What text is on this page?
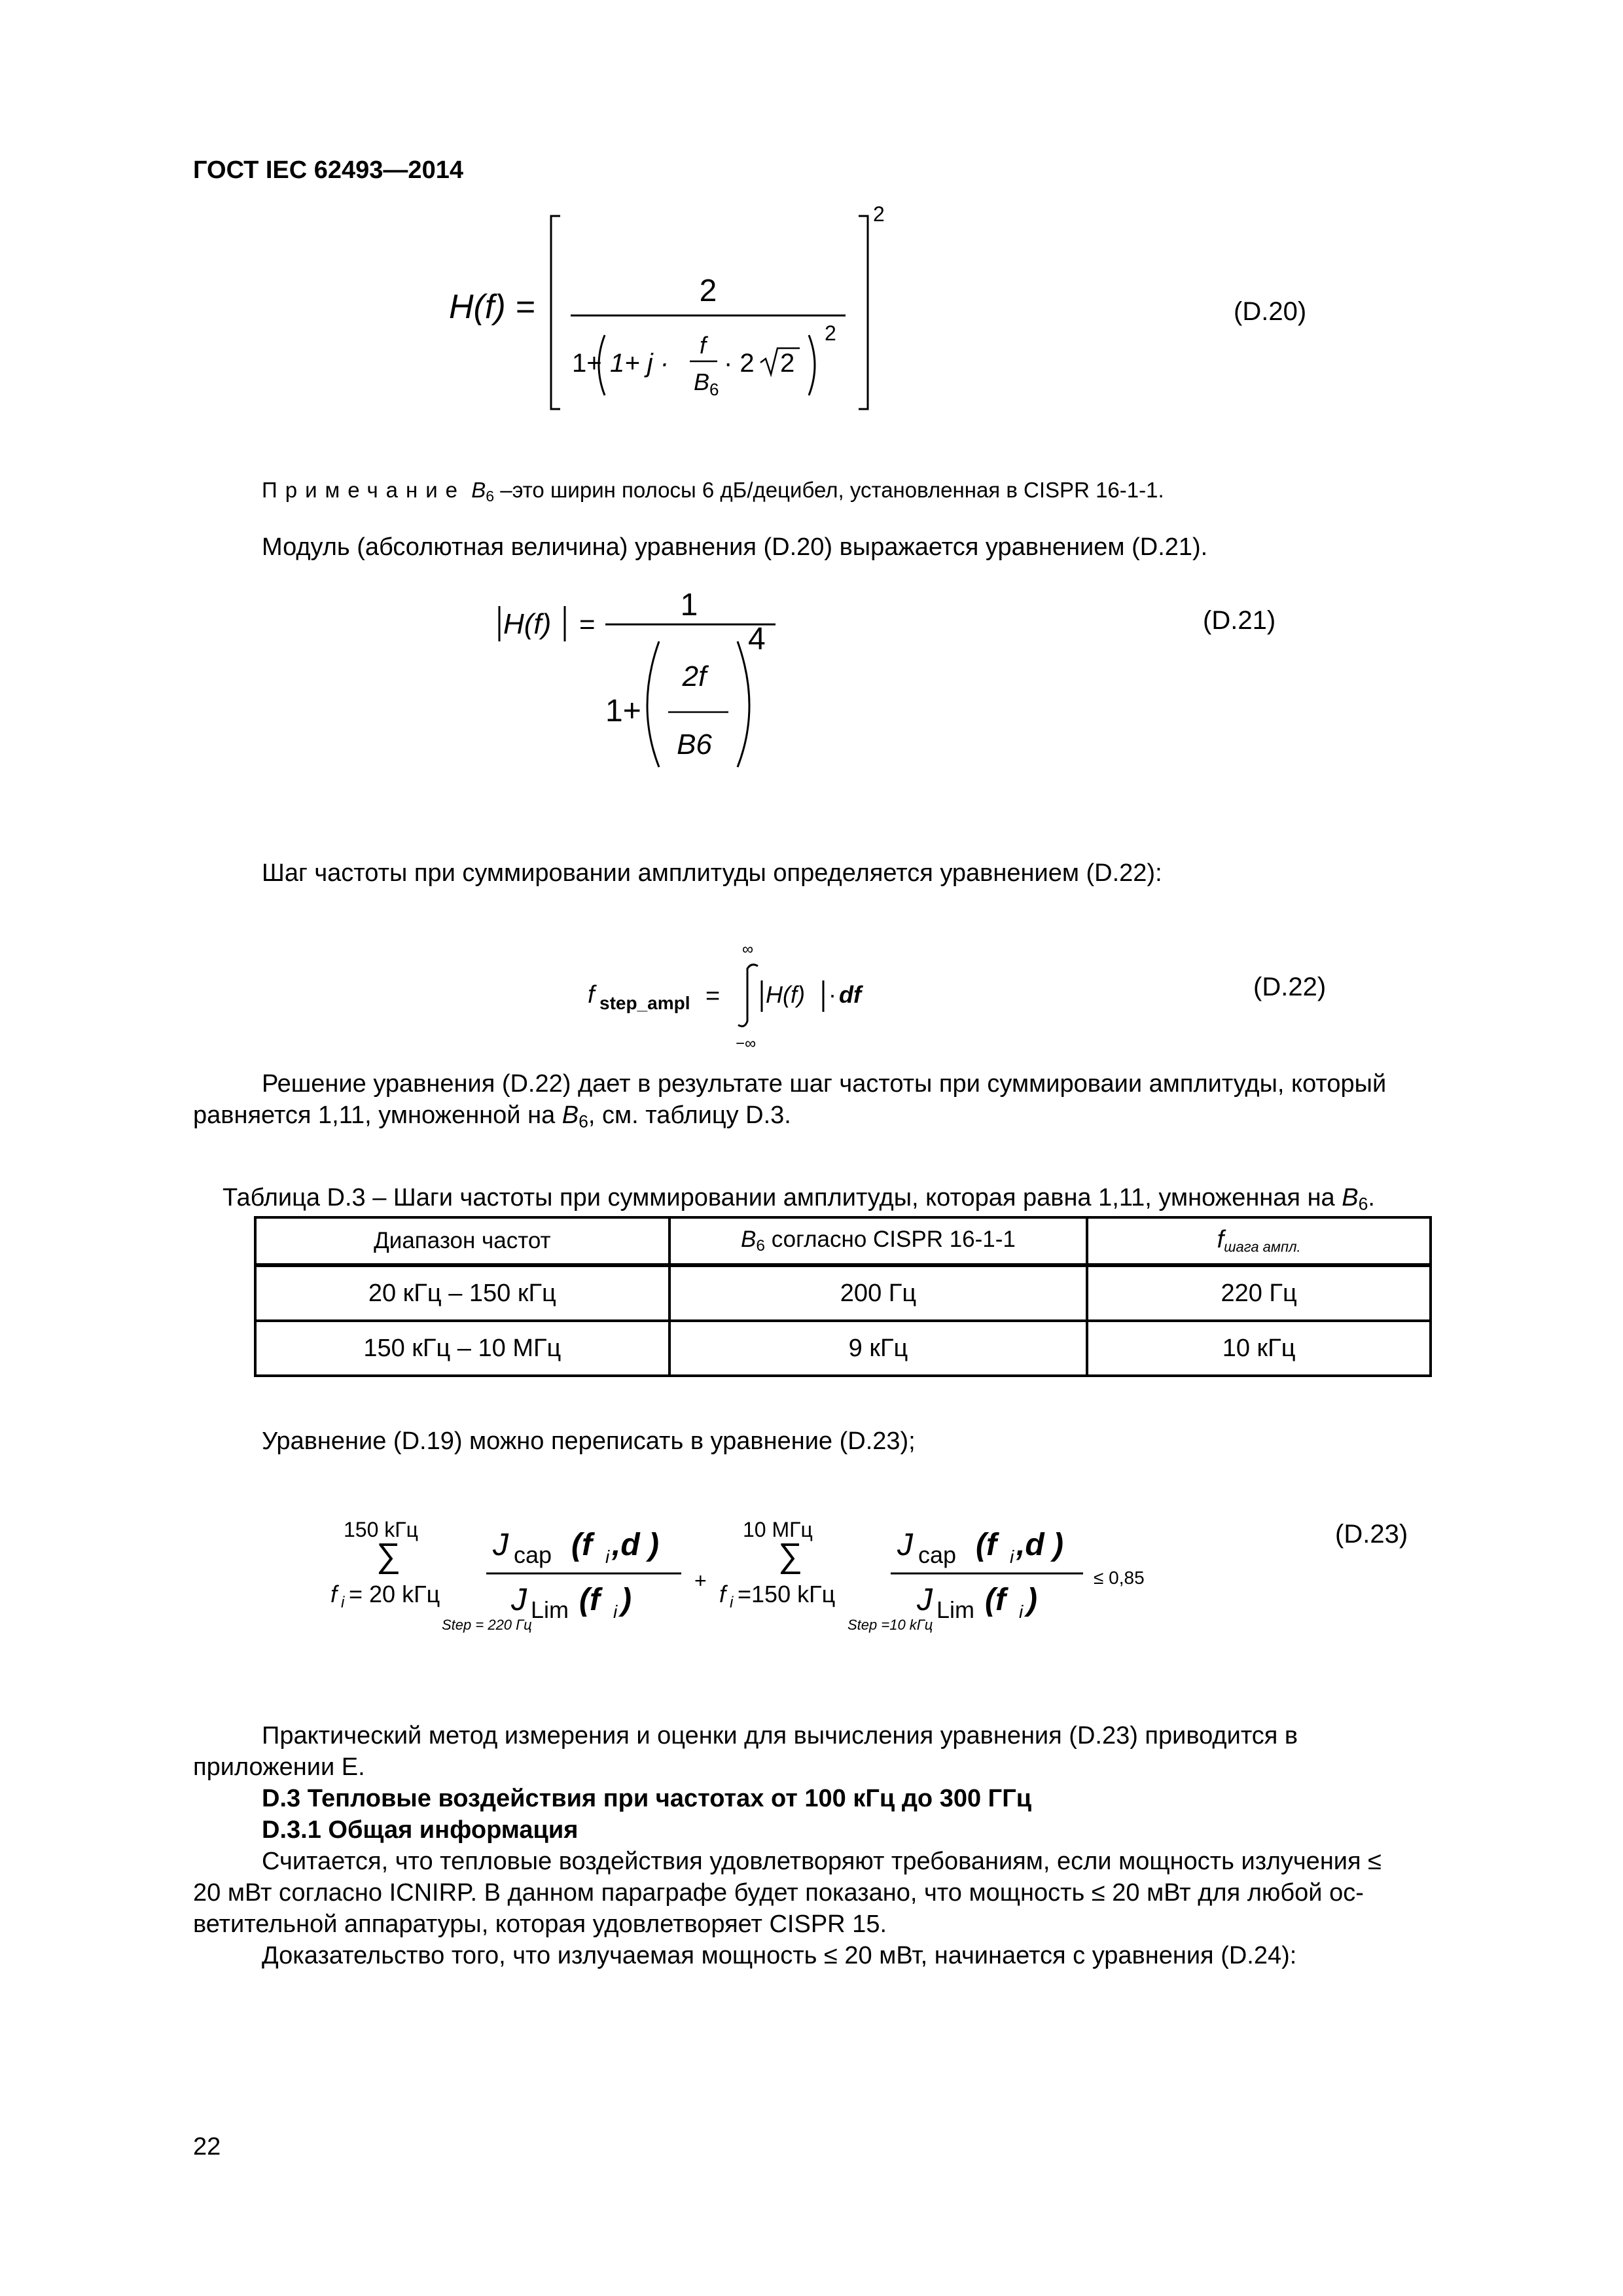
ГОСТ IEC 62493—2014
H(f) =
2
2
1+ 1+ j ·
f
B 6
· 2 2
2
(D.20)
Примечание $B_6$ –это ширин полосы 6 дБ/децибел, установленная в CISPR 16-1-1.
Модуль (абсолютная величина) уравнения (D.20) выражается уравнением (D.21).
H(f) =
1
1+
2f
B6
4
(D.21)
Шаг частоты при суммировании амплитуды определяется уравнением (D.22):
f step_ampl =
∞
−∞
H(f) · df	(D.22)
Решение уравнения (D.22) дает в результате шаг частоты при суммироваии амплитуды, который
равняется 1,11, умноженной на $B_6$, см. таблицу D.3.
Таблица D.3 – Шаги частоты при суммировании амплитуды, которая равна 1,11, умноженная на $B_6$.
Диапазон частот	$B_6$ согласно CISPR 16-1-1	$f_{шага ампл.}$
20 кГц – 150 кГц	200 Гц	220 Гц
150 кГц – 10 МГц	9 кГц	10 кГц
Уравнение (D.19) можно переписать в уравнение (D.23);
150 kГц
∑
f i = 20 kГц
Step = 220 Гц
J cap (f i ,d )
J Lim (f i )
+
10 МГц
∑
f i =150 kГц
Step =10 kГц
J cap (f i ,d )
J Lim (f i )
≤ 0,85
(D.23)
Практический метод измерения и оценки для вычисления уравнения (D.23) приводится в
приложении E.
D.3 Тепловые воздействия при частотах от 100 кГц до 300 ГГц
D.3.1 Общая информация
Считается, что тепловые воздействия удовлетворяют требованиям, если мощность излучения ≤
20 мВт согласно ICNIRP. В данном параграфе будет показано, что мощность ≤ 20 мВт для любой ос-
ветительной аппаратуры, которая удовлетворяет CISPR 15.
Доказательство того, что излучаемая мощность ≤ 20 мВт, начинается с уравнения (D.24):
22
